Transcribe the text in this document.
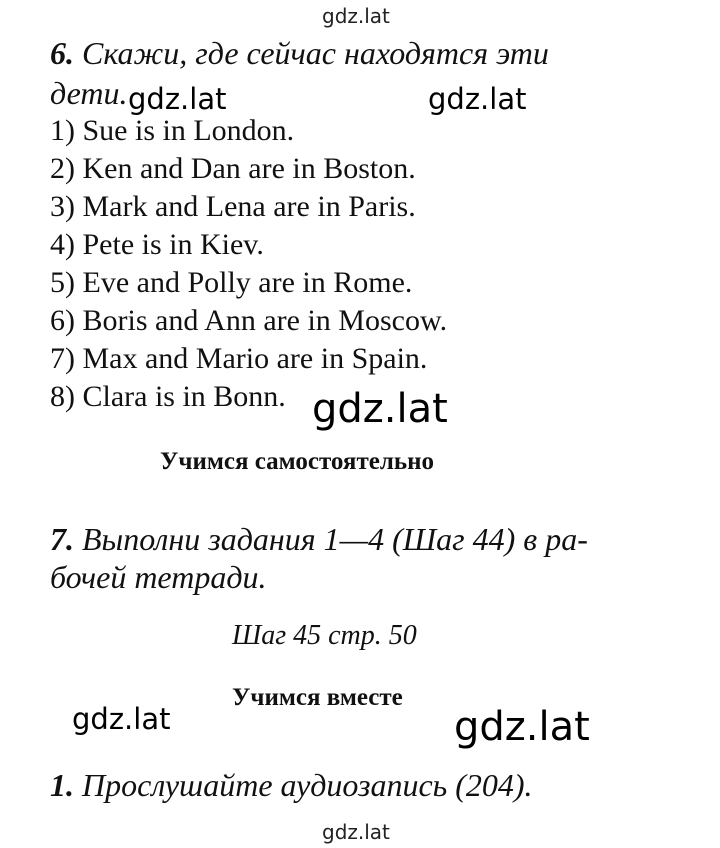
gdz.lat
6. Скажи, где сейчас находятся эти
дети. gdz.lat	gdz.lat
1) Sue is in London.
2) Ken and Dan are in Boston.
3) Mark and Lena are in Paris.
4) Pete is in Kiev.
5) Eve and Polly are in Rome.
6) Boris and Ann are in Moscow.
7) Max and Mario are in Spain.
8) Clara is in Bonn. gdz.lat
Учимся самостоятельно
7. Выполни задания 1—4 (Шаг 44) в ра-
бочей тетради.
Шаг 45 стр. 50
Учимся вместе
gdz.lat	gdz.lat
1. Прослушайте аудиозапись (204).
gdz.lat
